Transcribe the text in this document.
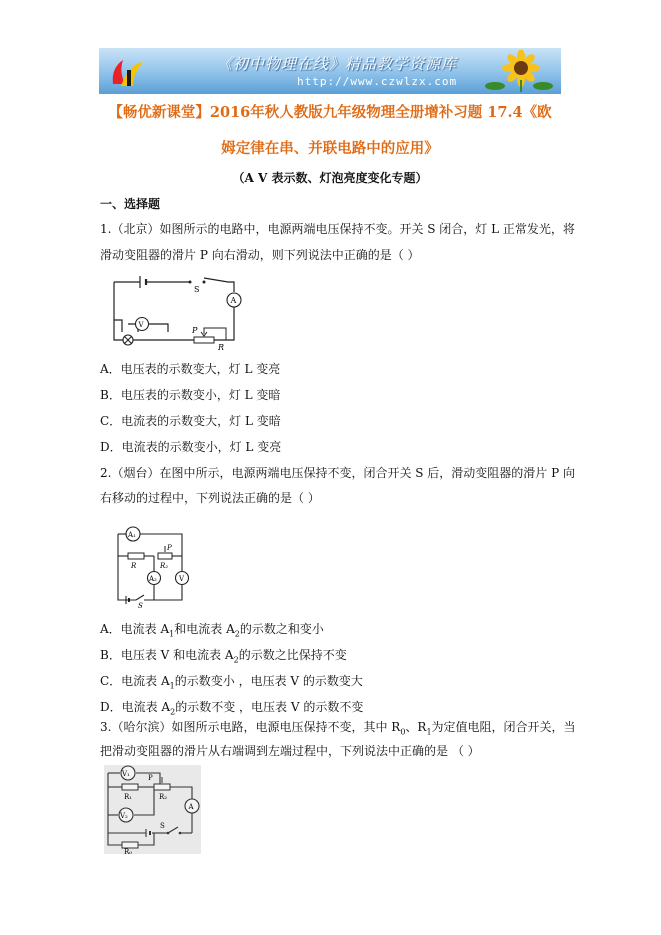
《初中物理在线》精品教学资源库
http://www.czwlzx.com
【畅优新课堂】2016年秋人教版九年级物理全册增补习题 17.4《欧
姆定律在串、并联电路中的应用》
（A V 表示数、灯泡亮度变化专题）
一、选择题
1.（北京）如图所示的电路中，电源两端电压保持不变。开关 S 闭合，灯 L 正常发光，将
滑动变阻器的滑片 P 向右滑动，则下列说法中正确的是（ ）
S
A
V
P
R
A．电压表的示数变大，灯 L 变亮
B．电压表的示数变小，灯 L 变暗
C．电流表的示数变大，灯 L 变暗
D．电流表的示数变小，灯 L 变亮
2.（烟台）在图中所示，电源两端电压保持不变，闭合开关 S 后，滑动变阻器的滑片 P 向
右移动的过程中，下列说法正确的是（ ）
A₁
R
P
R₂
A₂	V
S
A．电流表 $A_1$和电流表 $A_2$的示数之和变小
B．电压表 V 和电流表 $A_2$的示数之比保持不变
C．电流表 $A_1$的示数变小 ，电压表 V 的示数变大
D．电流表 $A_2$的示数不变 ，电压表 V 的示数不变
3.（哈尔滨）如图所示电路，电源电压保持不变，其中 $R_0$、$R_1$为定值电阻，闭合开关，当
把滑动变阻器的滑片从右端调到左端过程中，下列说法中正确的是 （ ）
V₁
R₁
P
R₂
A
V₂
S
R₀
